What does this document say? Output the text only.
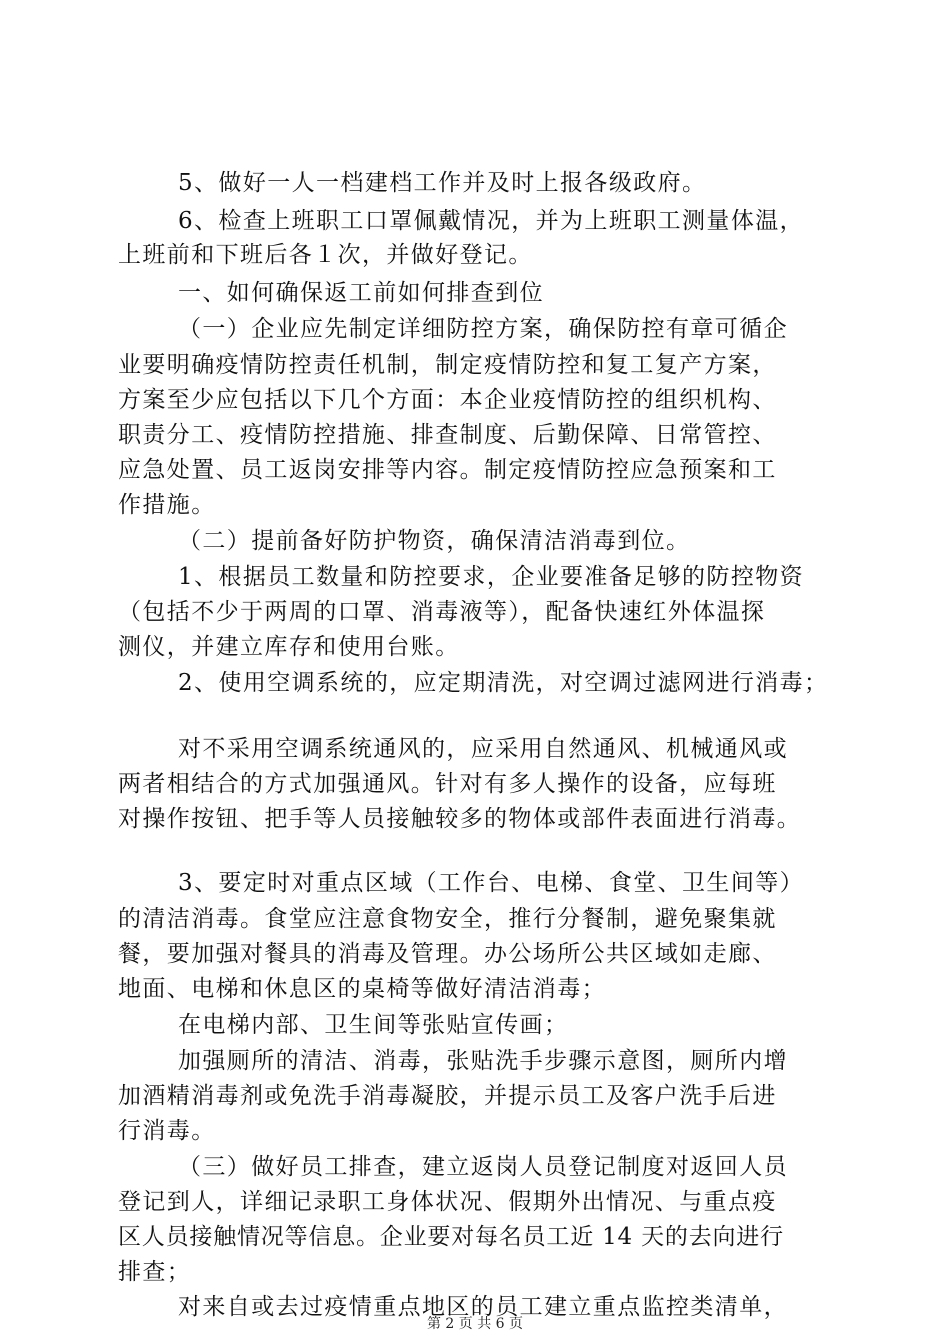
5、做好一人一档建档工作并及时上报各级政府。
6、检查上班职工口罩佩戴情况，并为上班职工测量体温，
上班前和下班后各１次，并做好登记。
一、如何确保返工前如何排查到位
（一）企业应先制定详细防控方案，确保防控有章可循企
业要明确疫情防控责任机制，制定疫情防控和复工复产方案，
方案至少应包括以下几个方面：本企业疫情防控的组织机构、
职责分工、疫情防控措施、排查制度、后勤保障、日常管控、
应急处置、员工返岗安排等内容。制定疫情防控应急预案和工
作措施。
（二）提前备好防护物资，确保清洁消毒到位。
1、根据员工数量和防控要求，企业要准备足够的防控物资
（包括不少于两周的口罩、消毒液等），配备快速红外体温探
测仪，并建立库存和使用台账。
2、使用空调系统的，应定期清洗，对空调过滤网进行消毒；
对不采用空调系统通风的，应采用自然通风、机械通风或
两者相结合的方式加强通风。针对有多人操作的设备，应每班
对操作按钮、把手等人员接触较多的物体或部件表面进行消毒。
3、要定时对重点区域（工作台、电梯、食堂、卫生间等）
的清洁消毒。食堂应注意食物安全，推行分餐制，避免聚集就
餐，要加强对餐具的消毒及管理。办公场所公共区域如走廊、
地面、电梯和休息区的桌椅等做好清洁消毒；
在电梯内部、卫生间等张贴宣传画；
加强厕所的清洁、消毒，张贴洗手步骤示意图，厕所内增
加酒精消毒剂或免洗手消毒凝胶，并提示员工及客户洗手后进
行消毒。
（三）做好员工排查，建立返岗人员登记制度对返回人员
登记到人，详细记录职工身体状况、假期外出情况、与重点疫
区人员接触情况等信息。企业要对每名员工近 14 天的去向进行
排查；
对来自或去过疫情重点地区的员工建立重点监控类清单，
第 2 页 共 6 页
